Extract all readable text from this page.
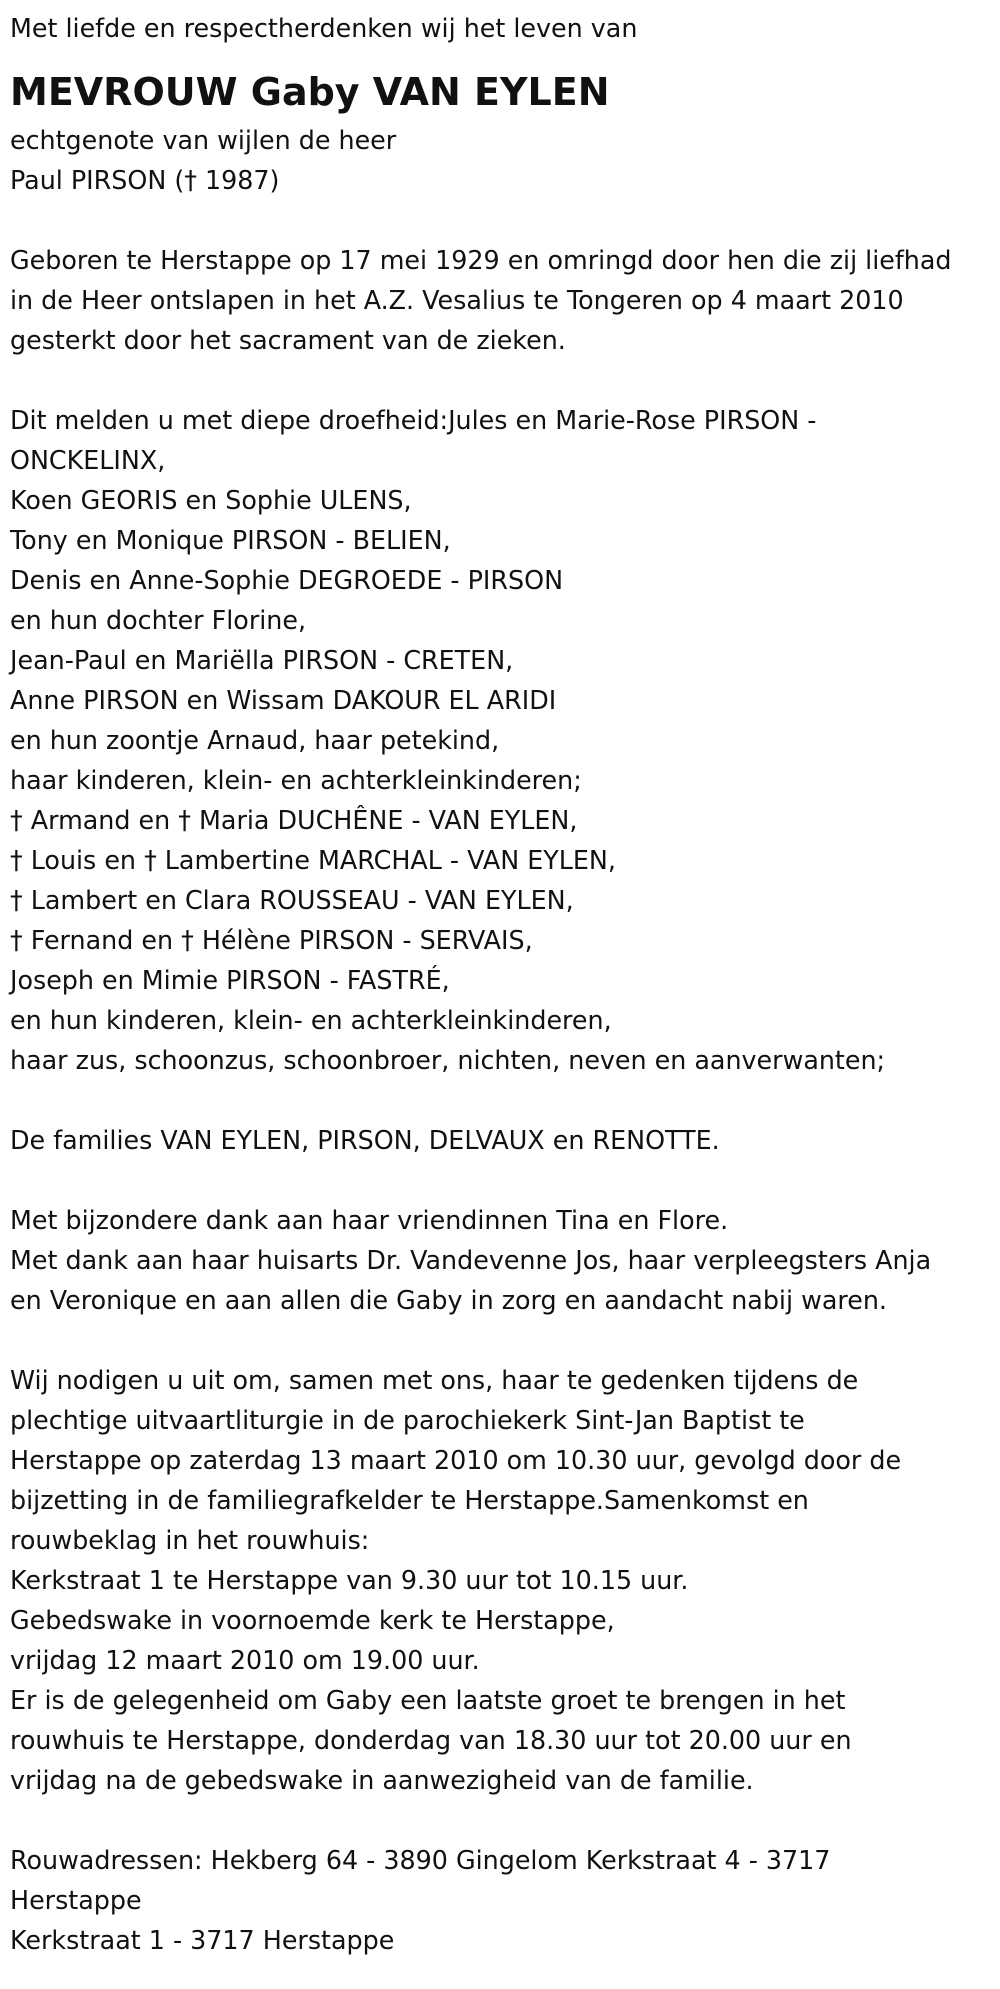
Met liefde en respectherdenken wij het leven van
MEVROUW Gaby VAN EYLEN
echtgenote van wijlen de heer
Paul PIRSON († 1987)
Geboren te Herstappe op 17 mei 1929 en omringd door hen die zij liefhad
in de Heer ontslapen in het A.Z. Vesalius te Tongeren op 4 maart 2010
gesterkt door het sacrament van de zieken.
Dit melden u met diepe droefheid:Jules en Marie-Rose PIRSON -
ONCKELINX,
Koen GEORIS en Sophie ULENS,
Tony en Monique PIRSON - BELIEN,
Denis en Anne-Sophie DEGROEDE - PIRSON
en hun dochter Florine,
Jean-Paul en Mariëlla PIRSON - CRETEN,
Anne PIRSON en Wissam DAKOUR EL ARIDI
en hun zoontje Arnaud, haar petekind,
haar kinderen, klein- en achterkleinkinderen;
† Armand en † Maria DUCHÊNE - VAN EYLEN,
† Louis en † Lambertine MARCHAL - VAN EYLEN,
† Lambert en Clara ROUSSEAU - VAN EYLEN,
† Fernand en † Hélène PIRSON - SERVAIS,
Joseph en Mimie PIRSON - FASTRÉ,
en hun kinderen, klein- en achterkleinkinderen,
haar zus, schoonzus, schoonbroer, nichten, neven en aanverwanten;
De families VAN EYLEN, PIRSON, DELVAUX en RENOTTE.
Met bijzondere dank aan haar vriendinnen Tina en Flore.
Met dank aan haar huisarts Dr. Vandevenne Jos, haar verpleegsters Anja
en Veronique en aan allen die Gaby in zorg en aandacht nabij waren.
Wij nodigen u uit om, samen met ons, haar te gedenken tijdens de
plechtige uitvaartliturgie in de parochiekerk Sint-Jan Baptist te
Herstappe op zaterdag 13 maart 2010 om 10.30 uur, gevolgd door de
bijzetting in de familiegrafkelder te Herstappe.Samenkomst en
rouwbeklag in het rouwhuis:
Kerkstraat 1 te Herstappe van 9.30 uur tot 10.15 uur.
Gebedswake in voornoemde kerk te Herstappe,
vrijdag 12 maart 2010 om 19.00 uur.
Er is de gelegenheid om Gaby een laatste groet te brengen in het
rouwhuis te Herstappe, donderdag van 18.30 uur tot 20.00 uur en
vrijdag na de gebedswake in aanwezigheid van de familie.
Rouwadressen: Hekberg 64 - 3890 Gingelom Kerkstraat 4 - 3717
Herstappe
Kerkstraat 1 - 3717 Herstappe
